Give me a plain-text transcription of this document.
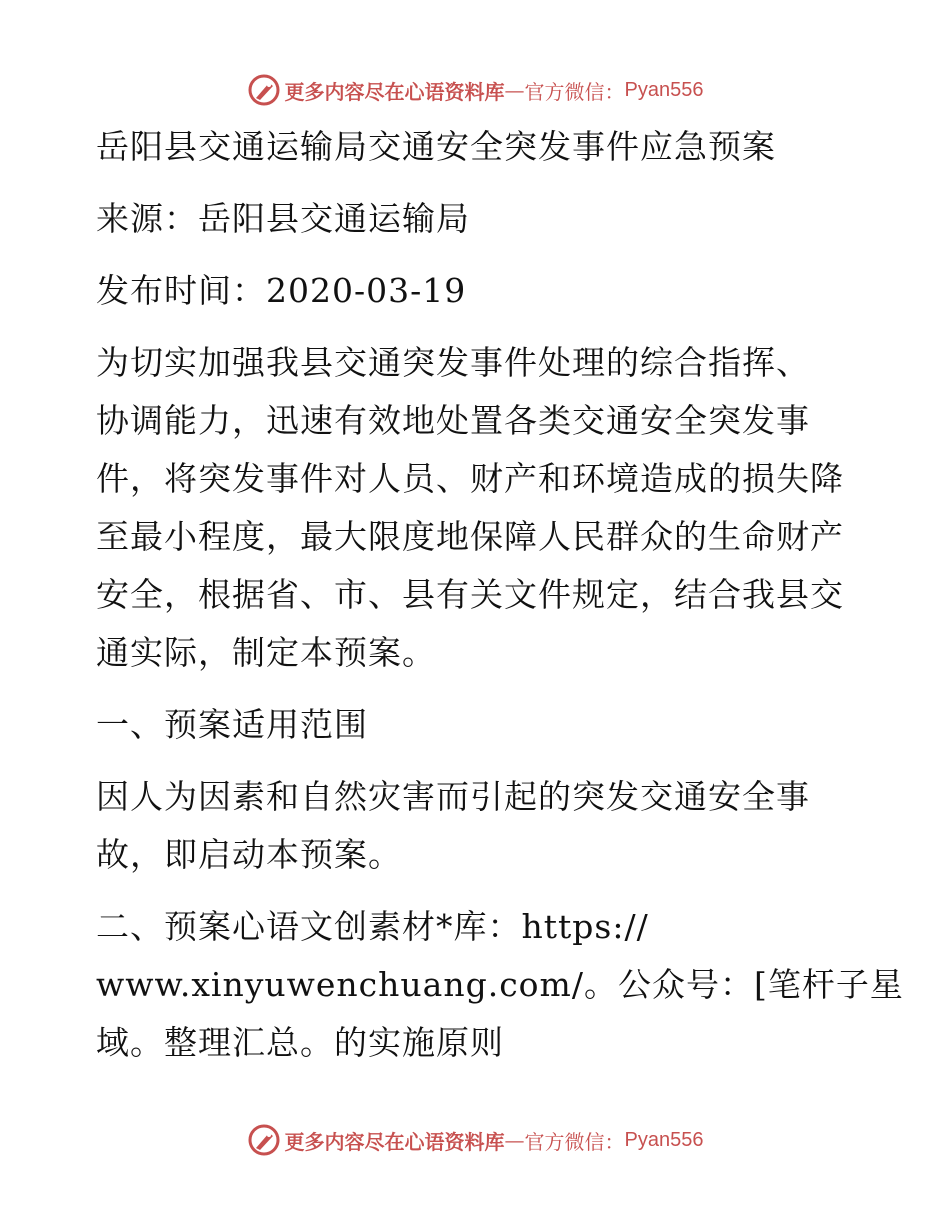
更多内容尽在心语资料库 — 官方微信： Pyan556
岳阳县交通运输局交通安全突发事件应急预案
来源：岳阳县交通运输局
发布时间：2020-03-19
为切实加强我县交通突发事件处理的综合指挥、
协调能力，迅速有效地处置各类交通安全突发事
件，将突发事件对人员、财产和环境造成的损失降
至最小程度，最大限度地保障人民群众的生命财产
安全，根据省、市、县有关文件规定，结合我县交
通实际，制定本预案。
一、预案适用范围
因人为因素和自然灾害而引起的突发交通安全事
故，即启动本预案。
二、预案心语文创素材*库：https://
www.xinyuwenchuang.com/。公众号：[笔杆子星
域。整理汇总。的实施原则
更多内容尽在心语资料库 — 官方微信： Pyan556
